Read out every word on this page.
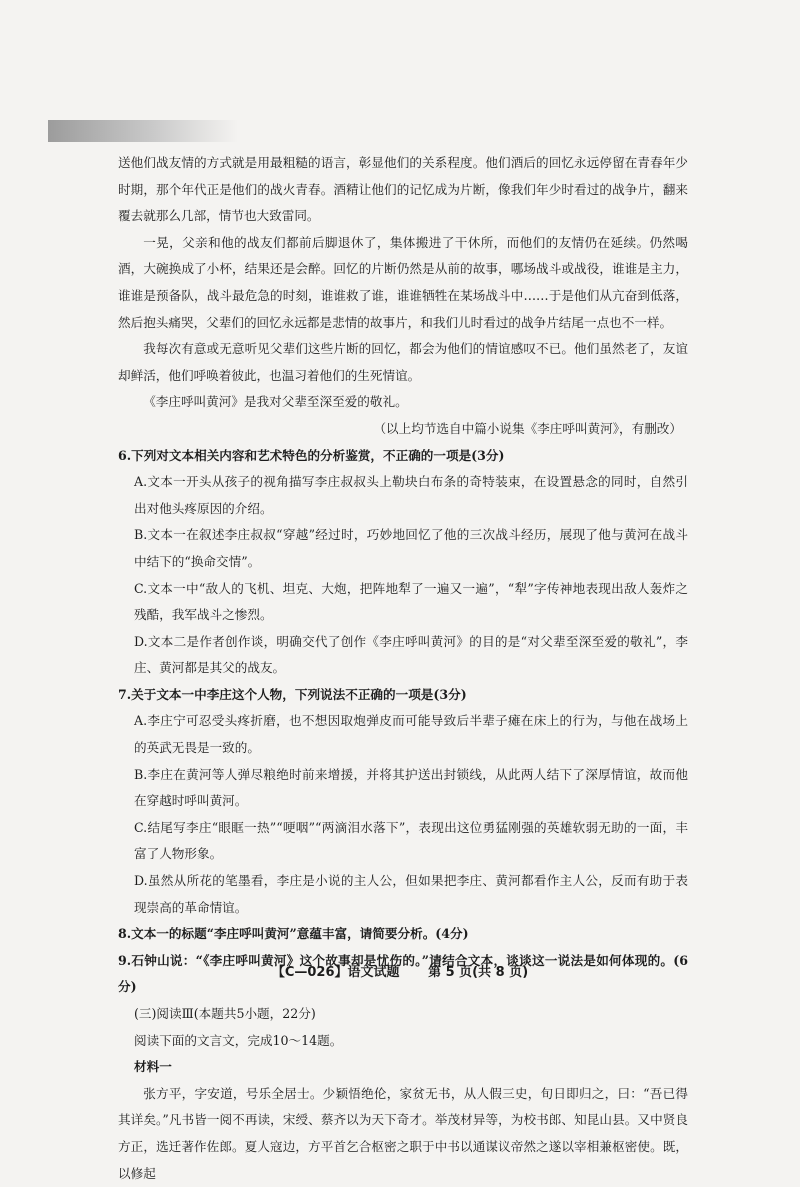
送他们战友情的方式就是用最粗糙的语言，彰显他们的关系程度。他们酒后的回忆永远停留在青春年少时期，那个年代正是他们的战火青春。酒精让他们的记忆成为片断，像我们年少时看过的战争片，翻来覆去就那么几部，情节也大致雷同。

一晃，父亲和他的战友们都前后脚退休了，集体搬进了干休所，而他们的友情仍在延续。仍然喝酒，大碗换成了小杯，结果还是会醉。回忆的片断仍然是从前的故事，哪场战斗或战役，谁谁是主力，谁谁是预备队，战斗最危急的时刻，谁谁救了谁，谁谁牺牲在某场战斗中……于是他们从亢奋到低落，然后抱头痛哭，父辈们的回忆永远都是悲情的故事片，和我们儿时看过的战争片结尾一点也不一样。

我每次有意或无意听见父辈们这些片断的回忆，都会为他们的情谊感叹不已。他们虽然老了，友谊却鲜活，他们呼唤着彼此，也温习着他们的生死情谊。

《李庄呼叫黄河》是我对父辈至深至爱的敬礼。

（以上均节选自中篇小说集《李庄呼叫黄河》，有删改）

6.下列对文本相关内容和艺术特色的分析鉴赏，不正确的一项是(3分)

A.文本一开头从孩子的视角描写李庄叔叔头上勒块白布条的奇特装束，在设置悬念的同时，自然引出对他头疼原因的介绍。

B.文本一在叙述李庄叔叔“穿越”经过时，巧妙地回忆了他的三次战斗经历，展现了他与黄河在战斗中结下的“换命交情”。

C.文本一中“敌人的飞机、坦克、大炮，把阵地犁了一遍又一遍”，“犁”字传神地表现出敌人轰炸之残酷，我军战斗之惨烈。

D.文本二是作者创作谈，明确交代了创作《李庄呼叫黄河》的目的是“对父辈至深至爱的敬礼”，李庄、黄河都是其父的战友。

7.关于文本一中李庄这个人物，下列说法不正确的一项是(3分)

A.李庄宁可忍受头疼折磨，也不想因取炮弹皮而可能导致后半辈子瘫在床上的行为，与他在战场上的英武无畏是一致的。

B.李庄在黄河等人弹尽粮绝时前来增援，并将其护送出封锁线，从此两人结下了深厚情谊，故而他在穿越时呼叫黄河。

C.结尾写李庄“眼眶一热”“哽咽”“两滴泪水落下”，表现出这位勇猛刚强的英雄软弱无助的一面，丰富了人物形象。

D.虽然从所花的笔墨看，李庄是小说的主人公，但如果把李庄、黄河都看作主人公，反而有助于表现崇高的革命情谊。

8.文本一的标题“李庄呼叫黄河”意蕴丰富，请简要分析。(4分)

9.石钟山说：“《李庄呼叫黄河》这个故事却是忧伤的。”请结合文本，谈谈这一说法是如何体现的。(6分)

(三)阅读Ⅲ(本题共5小题，22分)

阅读下面的文言文，完成10～14题。

材料一

张方平，字安道，号乐全居士。少颖悟绝伦，家贫无书，从人假三史，旬日即归之，曰：“吾已得其详矣。”凡书皆一阅不再读，宋绶、蔡齐以为天下奇才。举茂材异等，为校书郎、知昆山县。又中贤良方正，选迁著作佐郎。夏人寇边，方平首乞合枢密之职于中书以通谋议帝然之遂以宰相兼枢密使。既，以修起

【C—026】语文试题 第 5 页(共 8 页)
